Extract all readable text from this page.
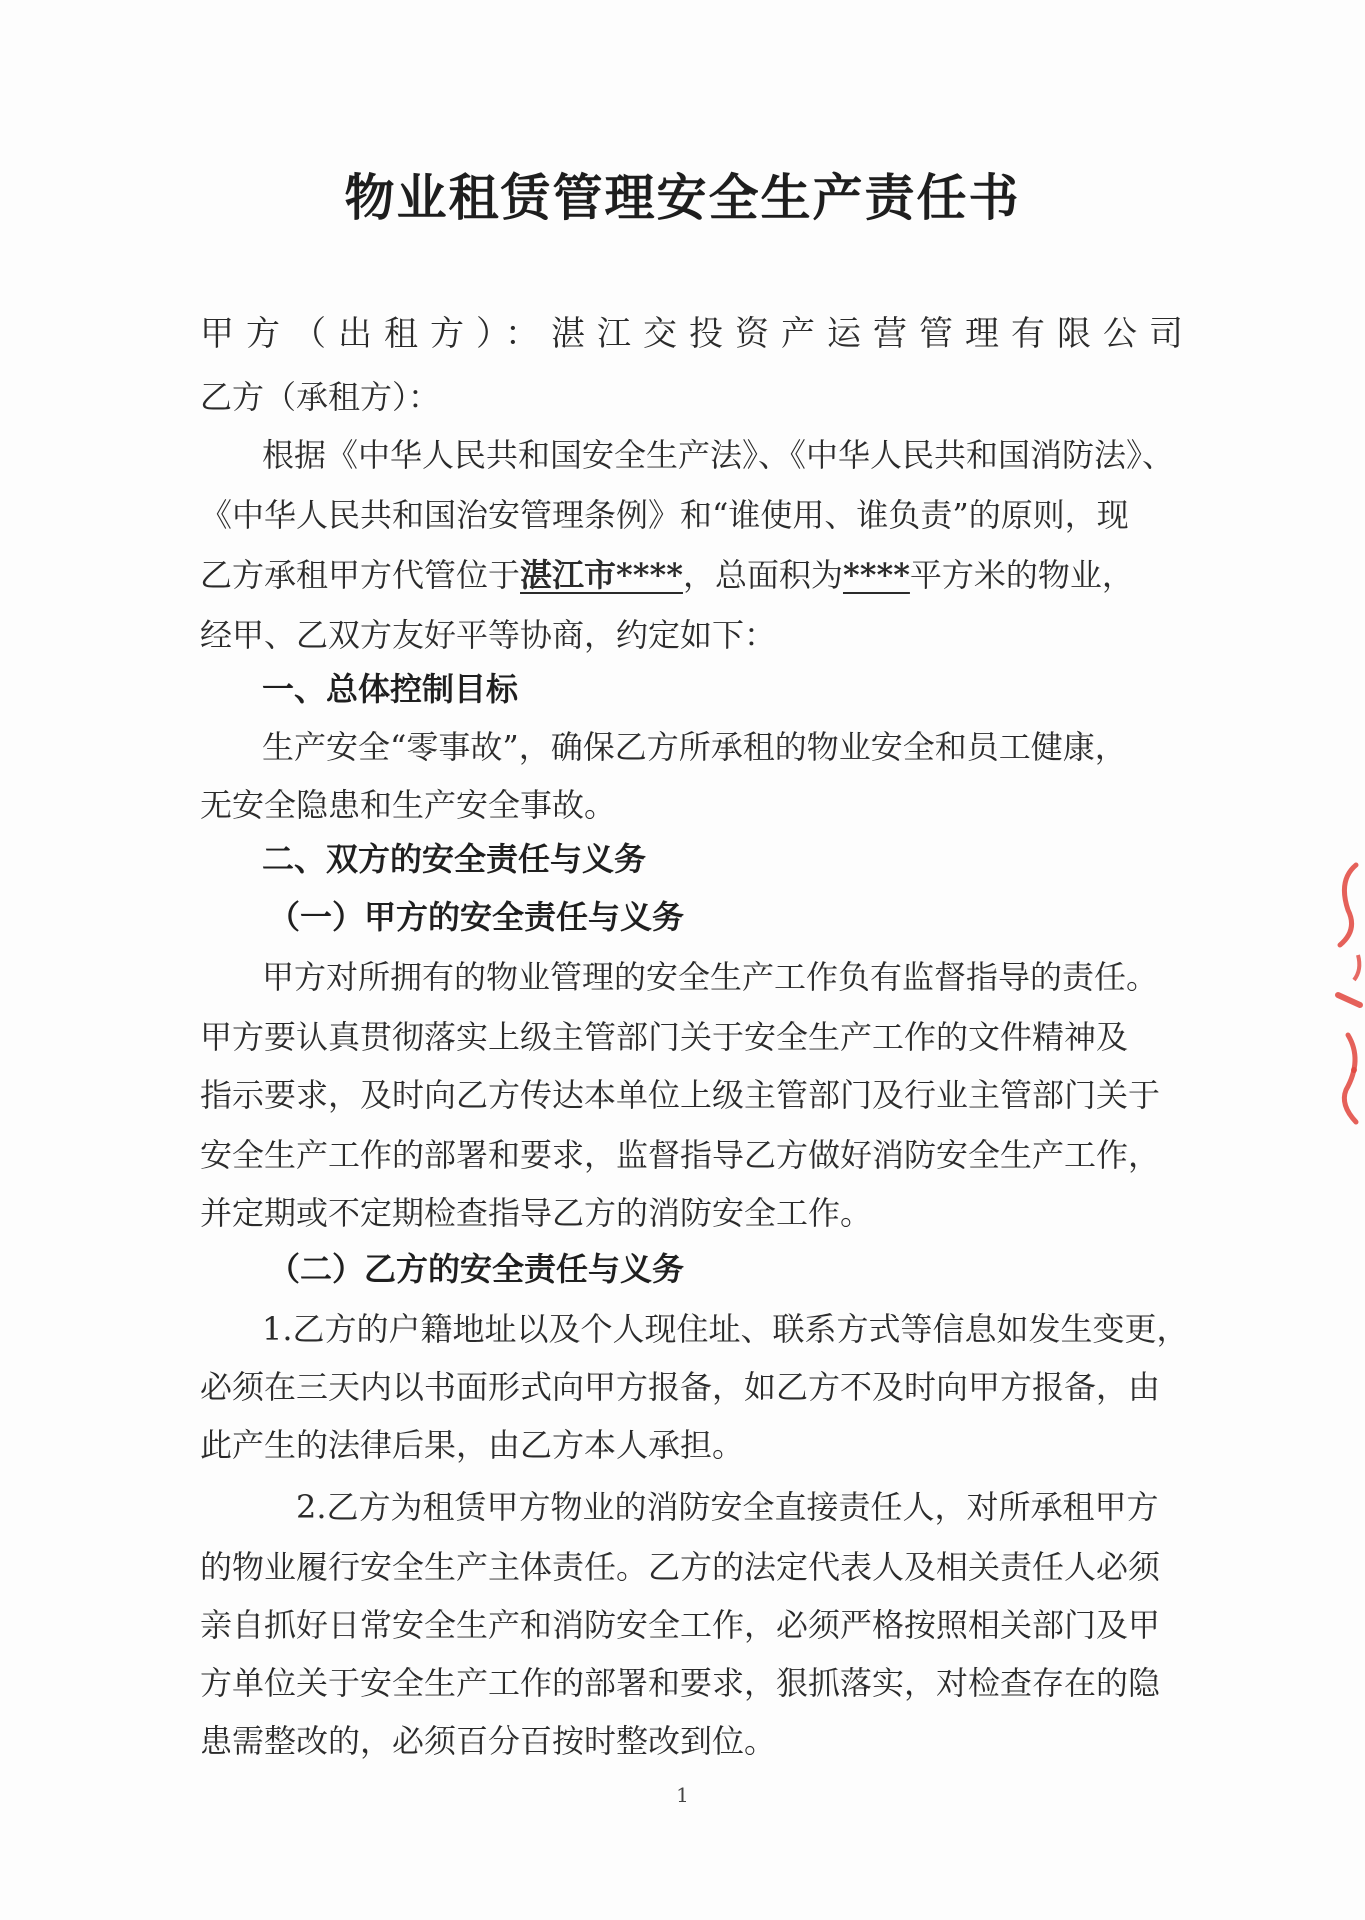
物业租赁管理安全生产责任书
甲方（出租方）：湛江交投资产运营管理有限公司
乙方（承租方）：
根据《中华人民共和国安全生产法》、《中华人民共和国消防法》、
《中华人民共和国治安管理条例》和“谁使用、谁负责”的原则，现
乙方承租甲方代管位于湛江市****，总面积为****平方米的物业，
经甲、乙双方友好平等协商，约定如下：
一、总体控制目标
生产安全“零事故”，确保乙方所承租的物业安全和员工健康，
无安全隐患和生产安全事故。
二、双方的安全责任与义务
（一）甲方的安全责任与义务
甲方对所拥有的物业管理的安全生产工作负有监督指导的责任。
甲方要认真贯彻落实上级主管部门关于安全生产工作的文件精神及
指示要求，及时向乙方传达本单位上级主管部门及行业主管部门关于
安全生产工作的部署和要求，监督指导乙方做好消防安全生产工作，
并定期或不定期检查指导乙方的消防安全工作。
（二）乙方的安全责任与义务
1.乙方的户籍地址以及个人现住址、联系方式等信息如发生变更，
必须在三天内以书面形式向甲方报备，如乙方不及时向甲方报备，由
此产生的法律后果，由乙方本人承担。
2.乙方为租赁甲方物业的消防安全直接责任人，对所承租甲方
的物业履行安全生产主体责任。乙方的法定代表人及相关责任人必须
亲自抓好日常安全生产和消防安全工作，必须严格按照相关部门及甲
方单位关于安全生产工作的部署和要求，狠抓落实，对检查存在的隐
患需整改的，必须百分百按时整改到位。
1
